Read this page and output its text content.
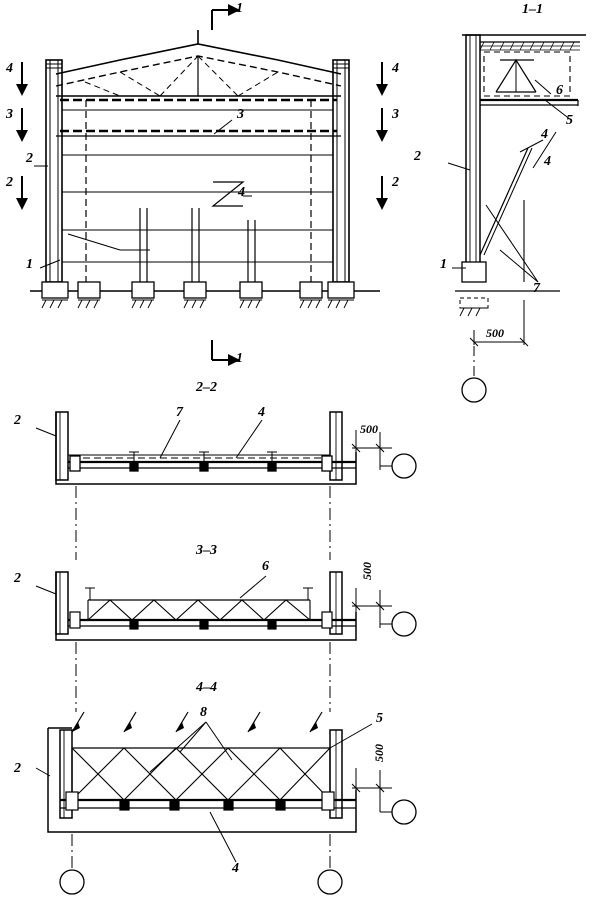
1
1
4
3
2
4
3
2
1
2
3
4
1–1
1
2
4
4
5
6
7
500
2–2
2
7	4
500
3–3
2
6	500
4–4
2
8	5
4
500
